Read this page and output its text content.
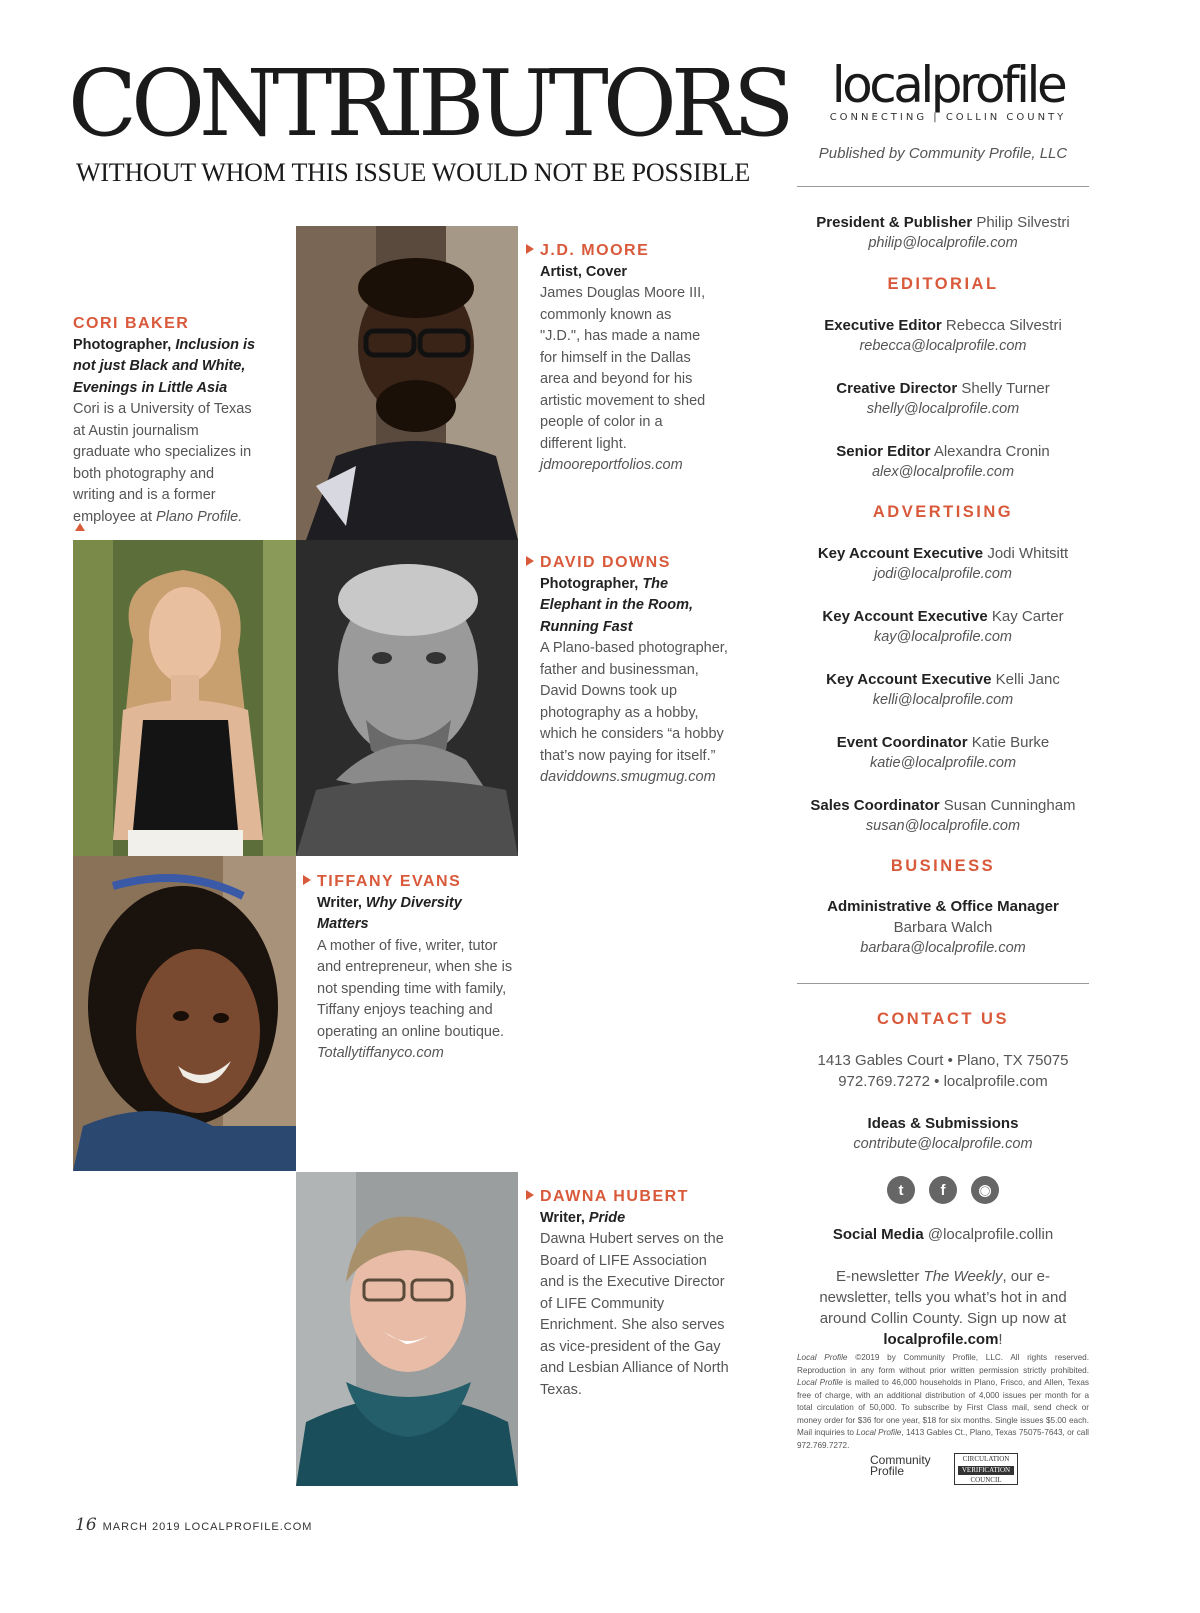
CONTRIBUTORS
WITHOUT WHOM THIS ISSUE WOULD NOT BE POSSIBLE
J.D. MOORE
Artist, Cover
James Douglas Moore III, commonly known as "J.D.", has made a name for himself in the Dallas area and beyond for his artistic movement to shed people of color in a different light.
jdmooreportfolios.com
CORI BAKER
Photographer, Inclusion is not just Black and White, Evenings in Little Asia
Cori is a University of Texas at Austin journalism graduate who specializes in both photography and writing and is a former employee at Plano Profile.
DAVID DOWNS
Photographer, The Elephant in the Room, Running Fast
A Plano-based photographer, father and businessman, David Downs took up photography as a hobby, which he considers “a hobby that’s now paying for itself.”
daviddowns.smugmug.com
TIFFANY EVANS
Writer, Why Diversity Matters
A mother of five, writer, tutor and entrepreneur, when she is not spending time with family, Tiffany enjoys teaching and operating an online boutique.
Totallytiffanyco.com
DAWNA HUBERT
Writer, Pride
Dawna Hubert serves on the Board of LIFE Association and is the Executive Director of LIFE Community Enrichment. She also serves as vice-president of the Gay and Lesbian Alliance of North Texas.
localprofile
CONNECTING | COLLIN COUNTY
Published by Community Profile, LLC
President & Publisher Philip Silvestri
philip@localprofile.com
EDITORIAL
Executive Editor Rebecca Silvestri
rebecca@localprofile.com
Creative Director Shelly Turner
shelly@localprofile.com
Senior Editor Alexandra Cronin
alex@localprofile.com
ADVERTISING
Key Account Executive Jodi Whitsitt
jodi@localprofile.com
Key Account Executive Kay Carter
kay@localprofile.com
Key Account Executive Kelli Janc
kelli@localprofile.com
Event Coordinator Katie Burke
katie@localprofile.com
Sales Coordinator Susan Cunningham
susan@localprofile.com
BUSINESS
Administrative & Office Manager
Barbara Walch
barbara@localprofile.com
CONTACT US
1413 Gables Court • Plano, TX 75075
972.769.7272 • localprofile.com
Ideas & Submissions
contribute@localprofile.com
t	f	◉
Social Media @localprofile.collin
E-newsletter The Weekly, our e-newsletter, tells you what’s hot in and around Collin County. Sign up now at localprofile.com!
Local Profile ©2019 by Community Profile, LLC. All rights reserved. Reproduction in any form without prior written permission strictly prohibited. Local Profile is mailed to 46,000 households in Plano, Frisco, and Allen, Texas free of charge, with an additional distribution of 4,000 issues per month for a total circulation of 50,000. To subscribe by First Class mail, send check or money order for $36 for one year, $18 for six months. Single issues $5.00 each. Mail inquiries to Local Profile, 1413 Gables Ct., Plano, Texas 75075-7643, or call 972.769.7272.
Community Profile
CIRCULATION
VERIFICATION
COUNCIL
16 MARCH 2019 LOCALPROFILE.COM
